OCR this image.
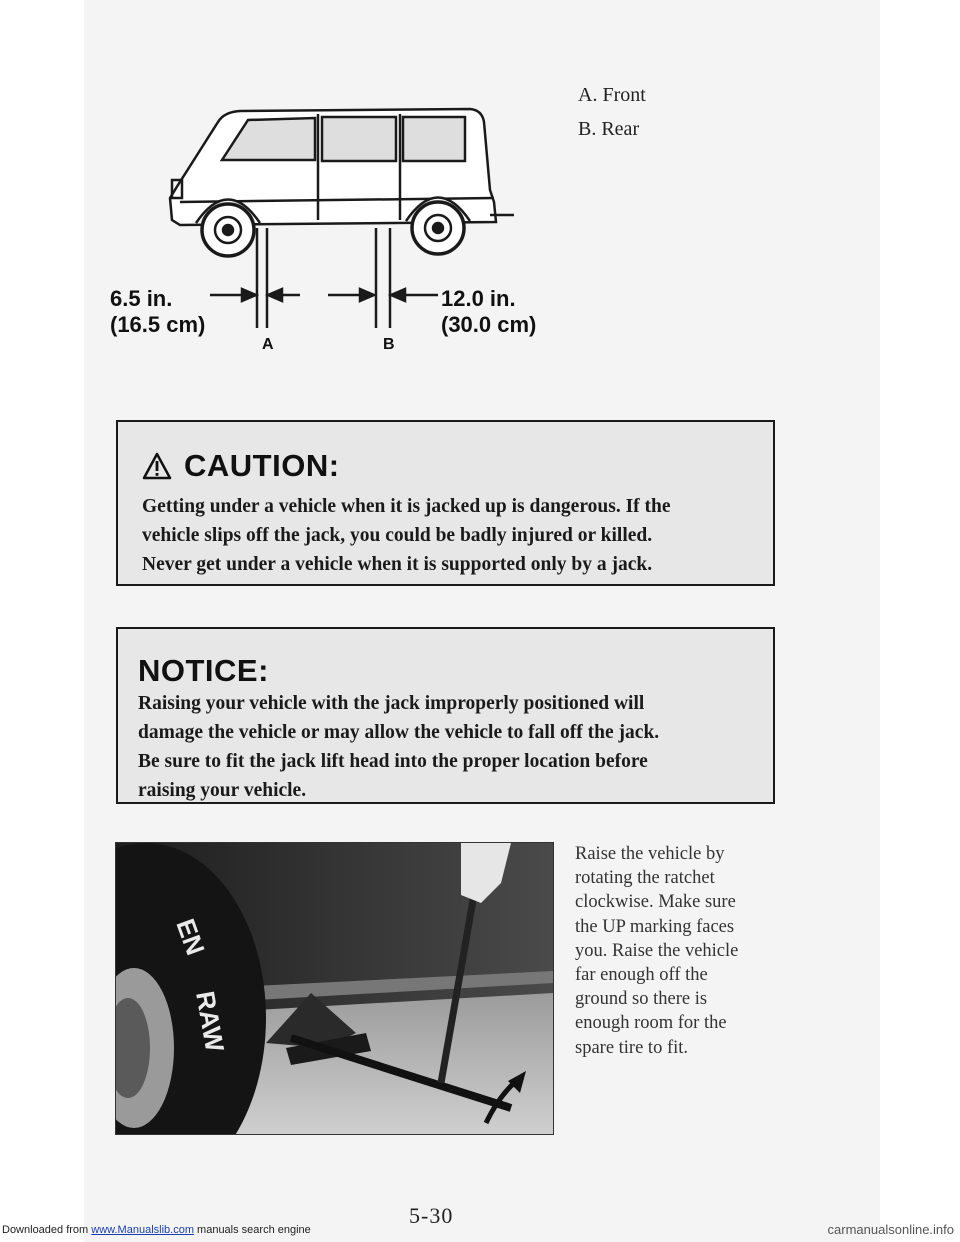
A. Front
B. Rear
6.5 in.
(16.5 cm)
12.0 in.
(30.0 cm)
A	B
CAUTION:
Getting under a vehicle when it is jacked up is dangerous. If the
vehicle slips off the jack, you could be badly injured or killed.
Never get under a vehicle when it is supported only by a jack.
NOTICE:
Raising your vehicle with the jack improperly positioned will
damage the vehicle or may allow the vehicle to fall off the jack.
Be sure to fit the jack lift head into the proper location before
raising your vehicle.
EN
RAW
Raise the vehicle by
rotating the ratchet
clockwise. Make sure
the UP marking faces
you. Raise the vehicle
far enough off the
ground so there is
enough room for the
spare tire to fit.
5-30
Downloaded from www.Manualslib.com manuals search engine	carmanualsonline.info
